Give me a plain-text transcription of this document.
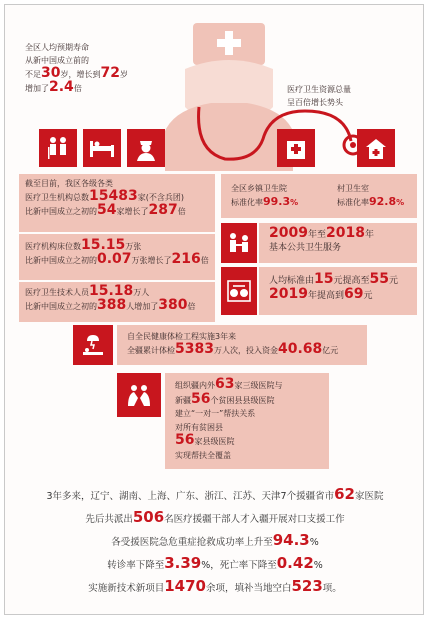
全区人均预期寿命
从新中国成立前的
不足30岁，增长到72岁
增加了2.4倍	医疗卫生资源总量
呈百倍增长势头
截至目前，我区各级各类
医疗卫生机构总数15483家(不含兵团)
比新中国成立之初的54家增长了287倍
医疗机构床位数15.15万张
比新中国成立之初的0.07万张增长了216倍
医疗卫生技术人员15.18万人
比新中国成立之初的388人增加了380倍
全区乡镇卫生院
标准化率99.3%
村卫生室
标准化率92.8%
2009年至2018年
基本公共卫生服务
人均标准由15元提高至55元
2019年提高到69元
自全民健康体检工程实施3年来
全疆累计体检5383万人次，投入资金40.68亿元
组织疆内外63家三级医院与
新疆56个贫困县县级医院
建立“一对一”帮扶关系
对所有贫困县
56家县级医院
实现帮扶全覆盖
3年多来，辽宁、湖南、上海、广东、浙江、江苏、天津7个援疆省市62家医院
先后共派出506名医疗援疆干部人才入疆开展对口支援工作
各受援医院急危重症抢救成功率上升至94.3%
转诊率下降至3.39%，死亡率下降至0.42%
实施新技术新项目1470余项，填补当地空白523项。
